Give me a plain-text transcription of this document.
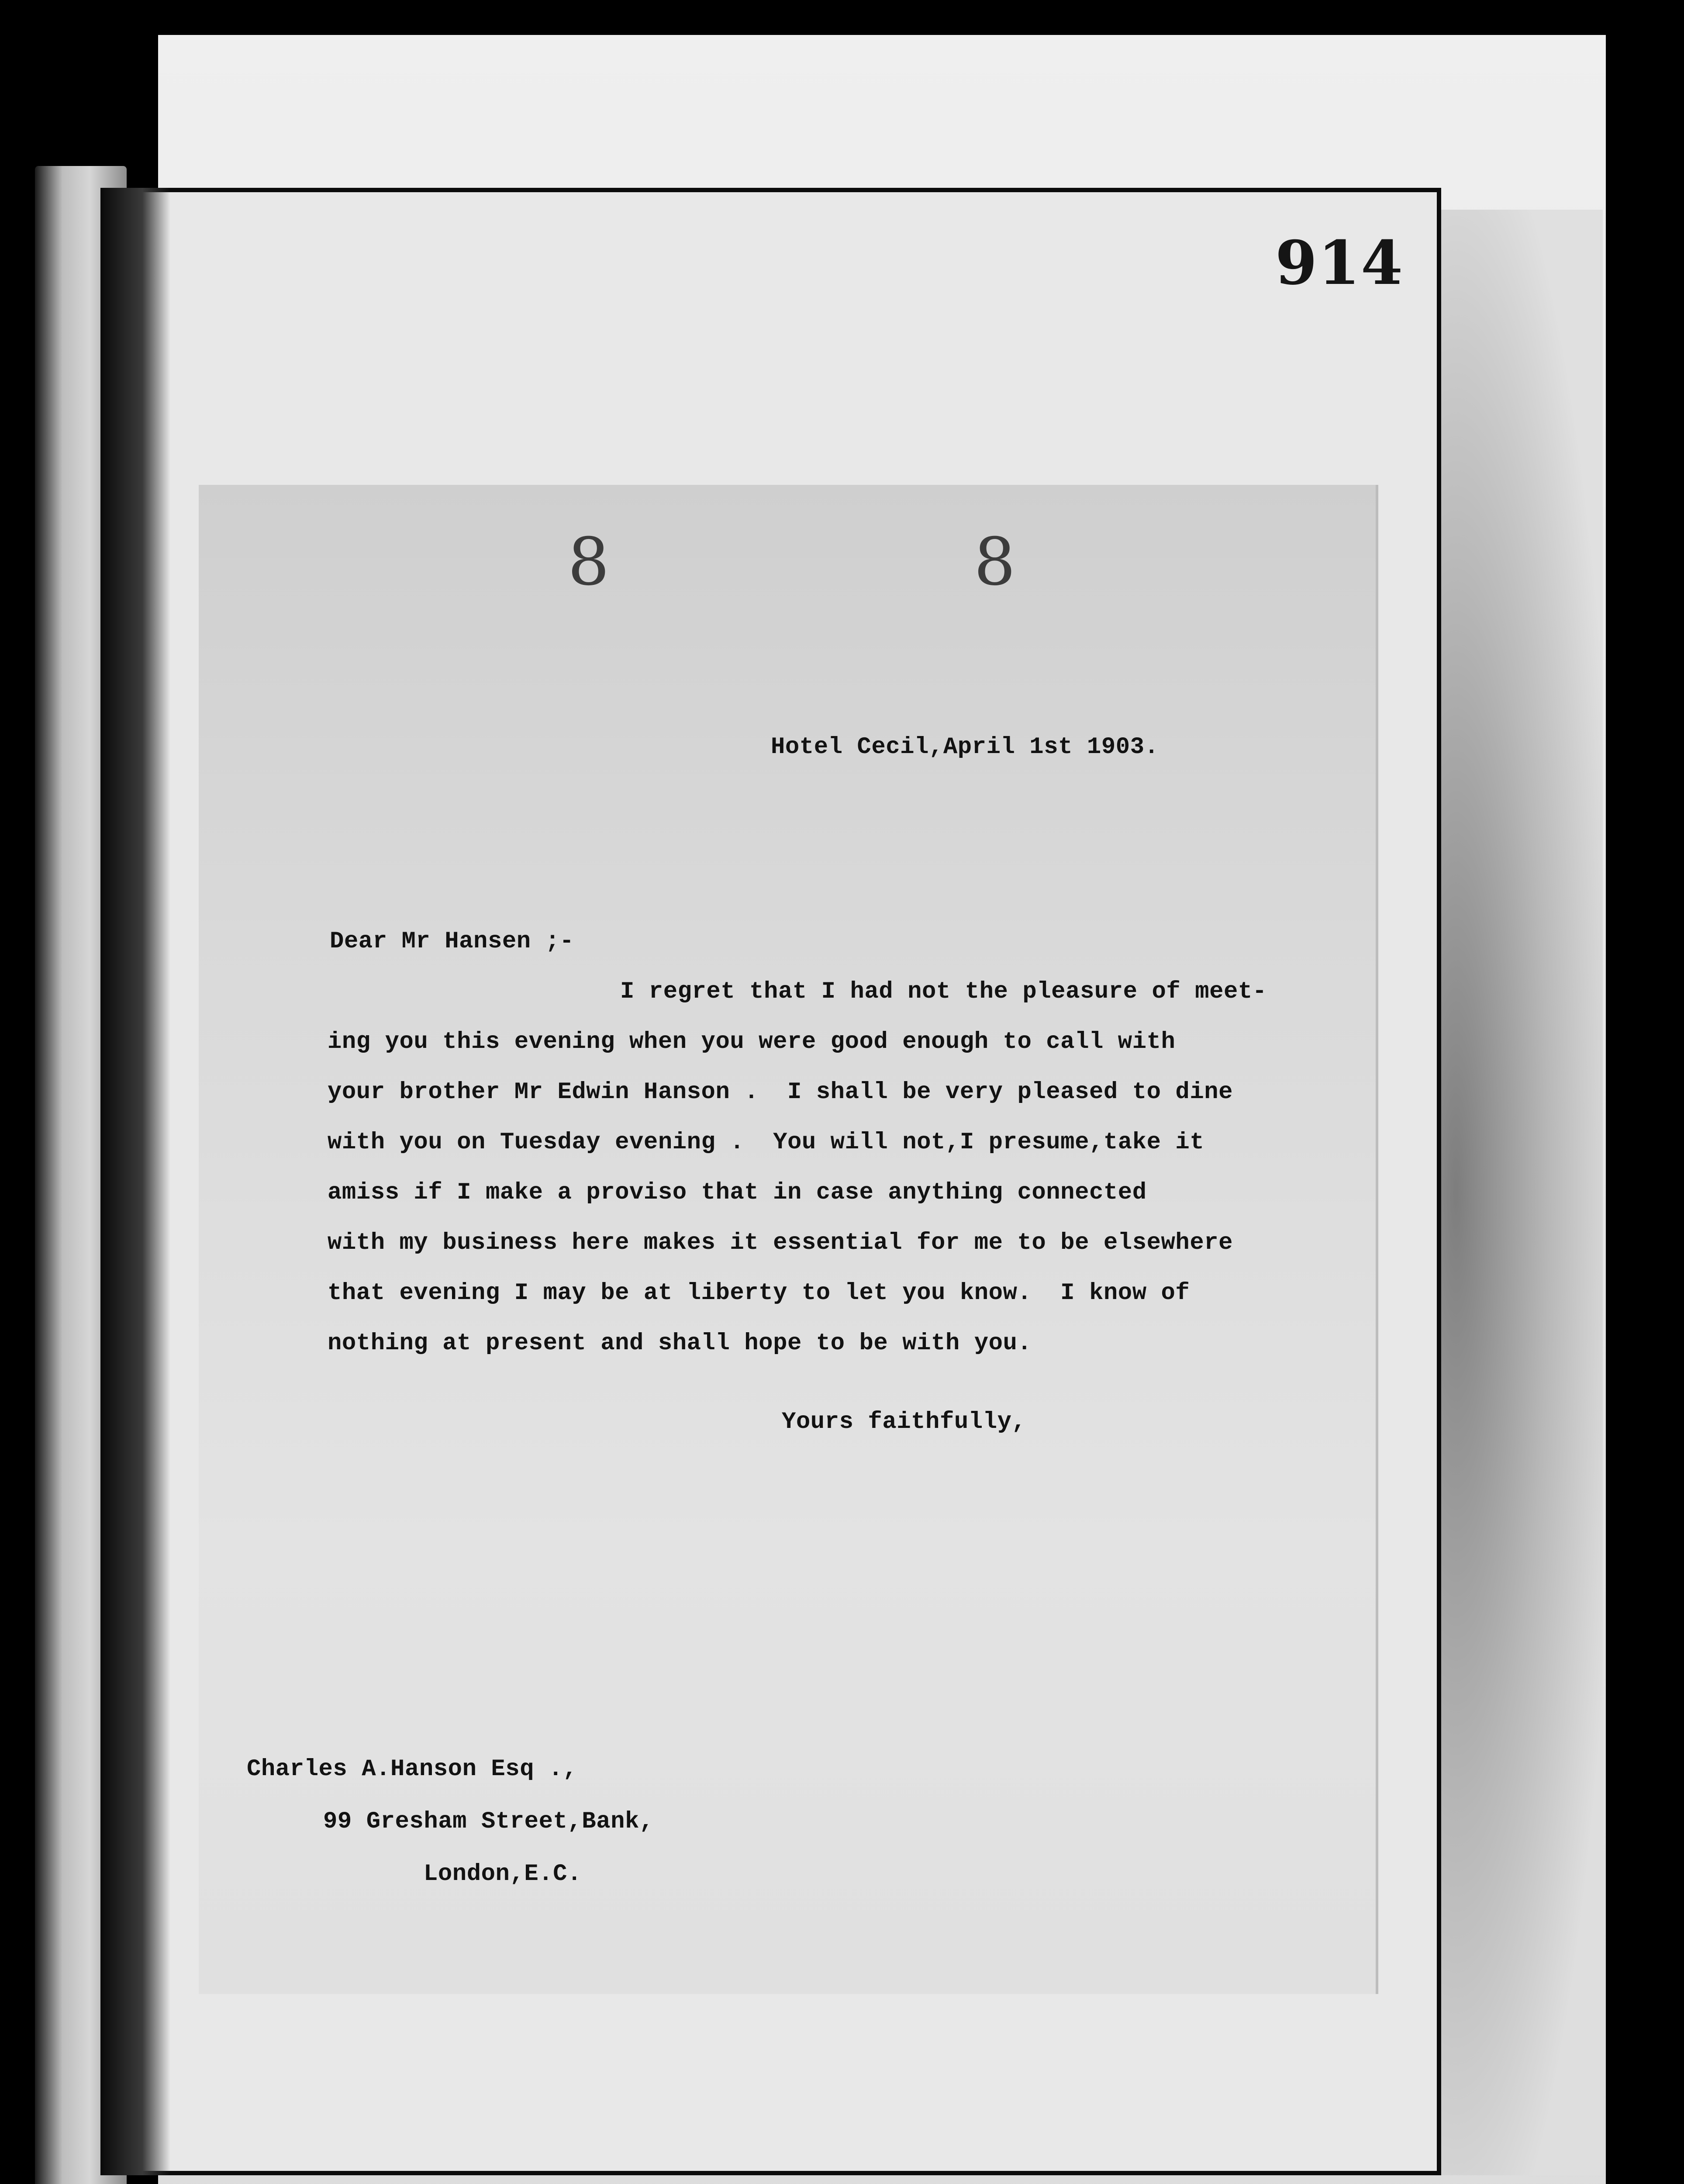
914
8	8
Hotel Cecil,April 1st 1903.
Dear Mr Hansen ;-
I regret that I had not the pleasure of meet-
ing you this evening when you were good enough to call with
your brother Mr Edwin Hanson .  I shall be very pleased to dine
with you on Tuesday evening .  You will not,I presume,take it
amiss if I make a proviso that in case anything connected
with my business here makes it essential for me to be elsewhere
that evening I may be at liberty to let you know.  I know of
nothing at present and shall hope to be with you.
Yours faithfully,
Charles A.Hanson Esq .,
99 Gresham Street,Bank,
London,E.C.
